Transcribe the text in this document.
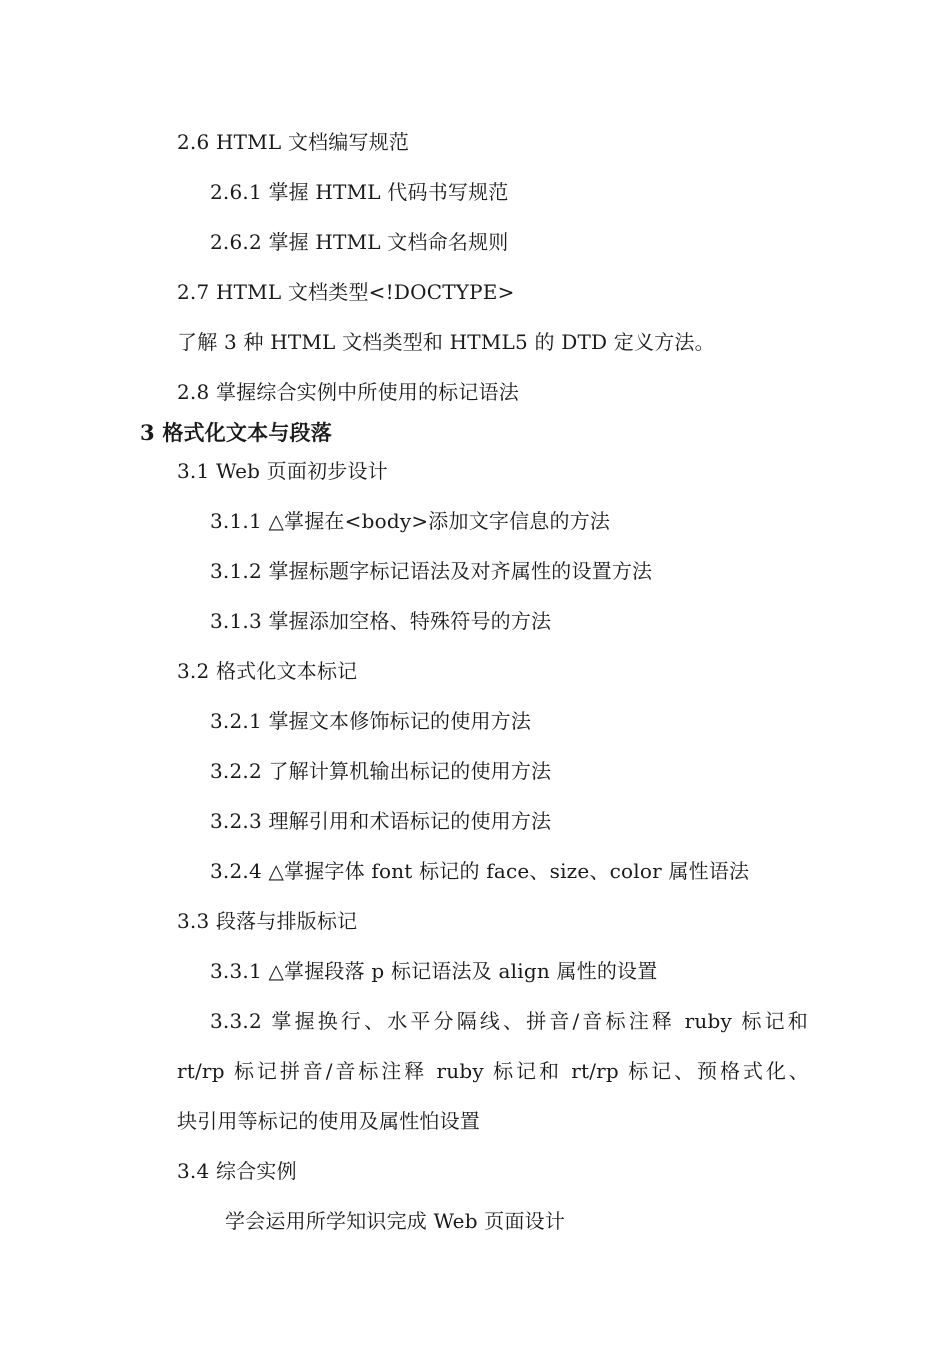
2.6 HTML 文档编写规范
2.6.1 掌握 HTML 代码书写规范
2.6.2 掌握 HTML 文档命名规则
2.7 HTML 文档类型<!DOCTYPE>
了解 3 种 HTML 文档类型和 HTML5 的 DTD 定义方法。
2.8 掌握综合实例中所使用的标记语法
3 格式化文本与段落
3.1 Web 页面初步设计
3.1.1 △掌握在<body>添加文字信息的方法
3.1.2 掌握标题字标记语法及对齐属性的设置方法
3.1.3 掌握添加空格、特殊符号的方法
3.2 格式化文本标记
3.2.1 掌握文本修饰标记的使用方法
3.2.2 了解计算机输出标记的使用方法
3.2.3 理解引用和术语标记的使用方法
3.2.4 △掌握字体 font 标记的 face、size、color 属性语法
3.3 段落与排版标记
3.3.1 △掌握段落 p 标记语法及 align 属性的设置
3.3.2 掌握换行、水平分隔线、拼音/音标注释 ruby 标记和
rt/rp 标记拼音/音标注释 ruby 标记和 rt/rp 标记、预格式化、
块引用等标记的使用及属性怕设置
3.4 综合实例
学会运用所学知识完成 Web 页面设计
